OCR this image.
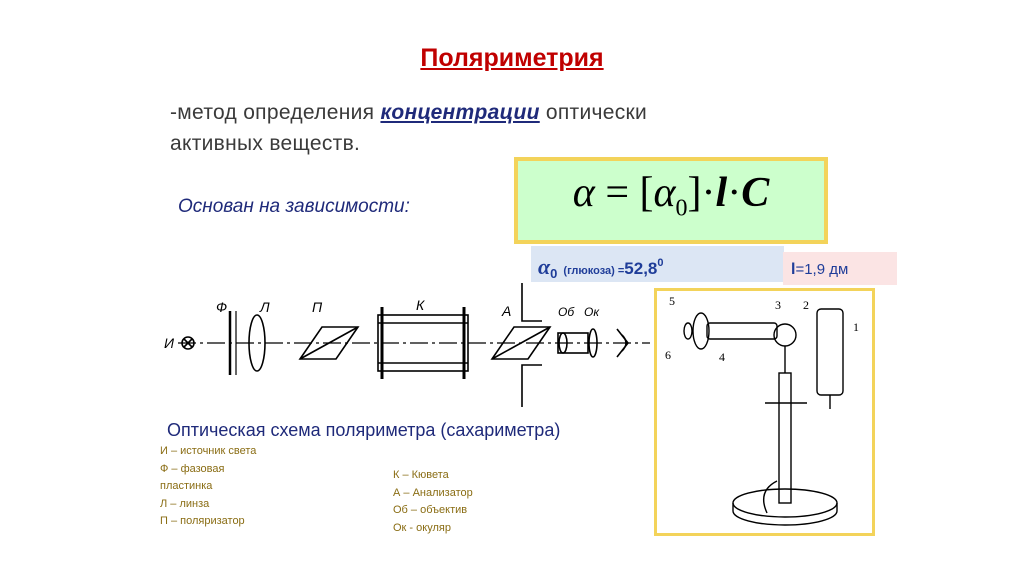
Поляриметрия
-метод определения концентрации оптически
активных веществ.
Основан на зависимости:	$\alpha = [\alpha_0]\cdot l\cdot C$
$\alpha_0$ (глюкоза) $=52,8^0$	l=1,9 дм
И
Ф Л	П	К	А	Об Ок
Оптическая схема поляриметра (сахариметра)
И – источник света
Ф – фазовая
пластинка
Л – линза
П – поляризатор
К – Кювета
А – Анализатор
Об – объектив
Ок - окуляр
1
2
3
4
5
6
